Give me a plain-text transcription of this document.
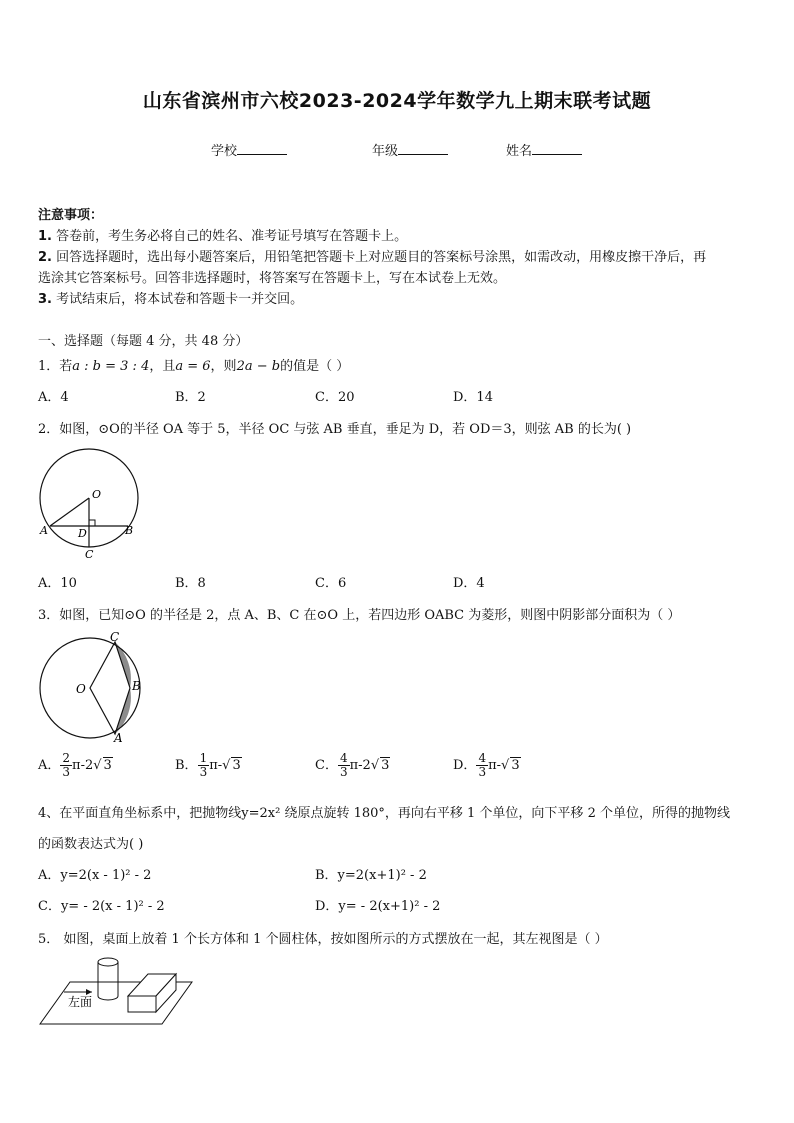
山东省滨州市六校2023-2024学年数学九上期末联考试题
学校	年级	姓名
注意事项：
1. 答卷前，考生务必将自己的姓名、准考证号填写在答题卡上。
2. 回答选择题时，选出每小题答案后，用铅笔把答题卡上对应题目的答案标号涂黑，如需改动，用橡皮擦干净后，再
选涂其它答案标号。回答非选择题时，将答案写在答题卡上，写在本试卷上无效。
3. 考试结束后，将本试卷和答题卡一并交回。
一、选择题（每题 4 分，共 48 分）
1．若a : b = 3 : 4，且a = 6，则2a − b的值是（ ）
A．4	B．2	C．20	D．14
2．如图，⊙O的半径 OA 等于 5，半径 OC 与弦 AB 垂直，垂足为 D，若 OD＝3，则弦 AB 的长为( )
O
A	D	B
C
A．10	B．8	C．6	D．4
3．如图，已知⊙O 的半径是 2，点 A、B、C 在⊙O 上，若四边形 OABC 为菱形，则图中阴影部分面积为（ ）
O
C
B
A
A． $\frac{2}{3} \pi-2√$ 3	B． $\frac{1}{3} \pi-√$ 3	C． $\frac{4}{3} \pi-2√$ 3	D． $\frac{4}{3} \pi-√$ 3
4、在平面直角坐标系中，把抛物线y=2x² 绕原点旋转 180°，再向右平移 1 个单位，向下平移 2 个单位，所得的抛物线
的函数表达式为( )
A．y=2(x - 1)² - 2	B．y=2(x+1)² - 2
C．y= - 2(x - 1)² - 2	D．y= - 2(x+1)² - 2
5． 如图，桌面上放着 1 个长方体和 1 个圆柱体，按如图所示的方式摆放在一起，其左视图是（ ）
左面
